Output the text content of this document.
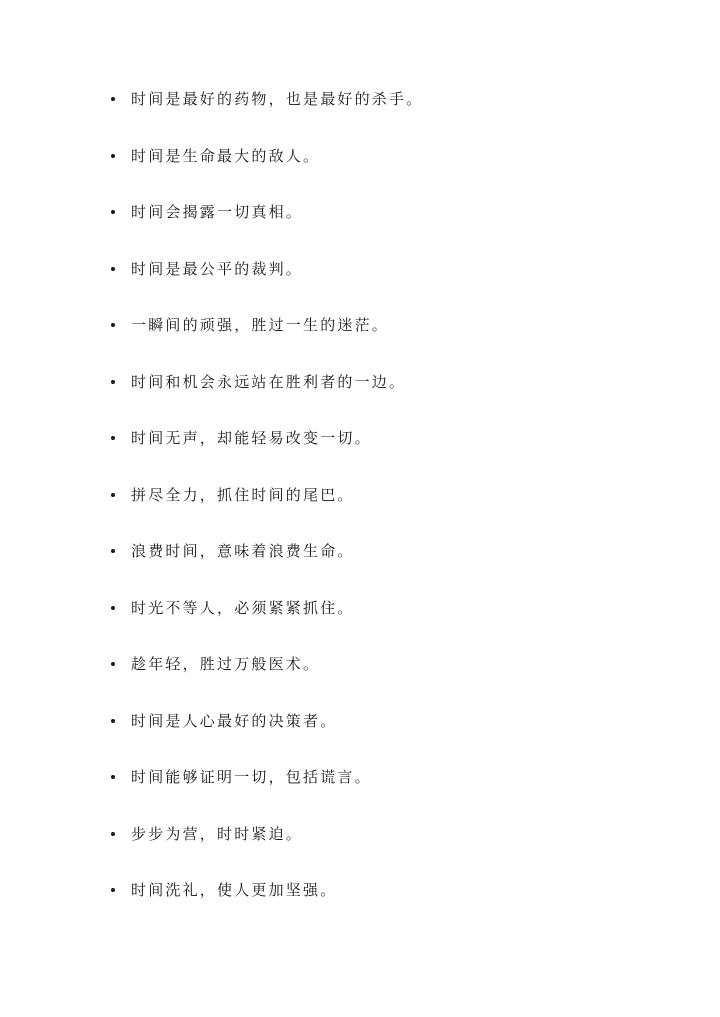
时间是最好的药物，也是最好的杀手。
时间是生命最大的敌人。
时间会揭露一切真相。
时间是最公平的裁判。
一瞬间的顽强，胜过一生的迷茫。
时间和机会永远站在胜利者的一边。
时间无声，却能轻易改变一切。
拼尽全力，抓住时间的尾巴。
浪费时间，意味着浪费生命。
时光不等人，必须紧紧抓住。
趁年轻，胜过万般医术。
时间是人心最好的决策者。
时间能够证明一切，包括谎言。
步步为营，时时紧迫。
时间洗礼，使人更加坚强。
